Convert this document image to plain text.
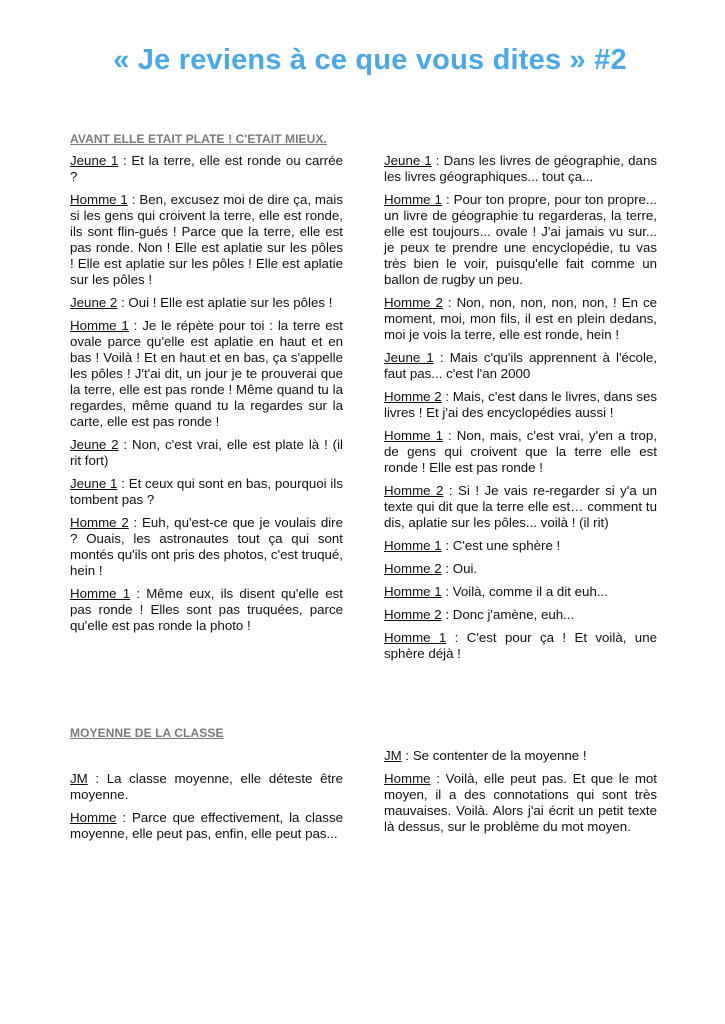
« Je reviens à ce que vous dites » #2
AVANT ELLE ETAIT PLATE ! C'ETAIT MIEUX.

Jeune 1 : Et la terre, elle est ronde ou carrée ?

Homme 1 : Ben, excusez moi de dire ça, mais si les gens qui croivent la terre, elle est ronde, ils sont flin-gués ! Parce que la terre, elle est pas ronde. Non ! Elle est aplatie sur les pôles ! Elle est aplatie sur les pôles ! Elle est aplatie sur les pôles !

Jeune 2 : Oui ! Elle est aplatie sur les pôles !

Homme 1 : Je le répète pour toi : la terre est ovale parce qu'elle est aplatie en haut et en bas ! Voilà ! Et en haut et en bas, ça s'appelle les pôles ! J't'ai dit, un jour je te prouverai que la terre, elle est pas ronde ! Même quand tu la regardes, même quand tu la regardes sur la carte, elle est pas ronde !

Jeune 2 : Non, c'est vrai, elle est plate là ! (il rit fort)

Jeune 1 : Et ceux qui sont en bas, pourquoi ils tombent pas ?

Homme 2 : Euh, qu'est-ce que je voulais dire ? Ouais, les astronautes tout ça qui sont montés qu'ils ont pris des photos, c'est truqué, hein !

Homme 1 : Même eux, ils disent qu'elle est pas ronde ! Elles sont pas truquées, parce qu'elle est pas ronde la photo !

Jeune 1 : Dans les livres de géographie, dans les livres géographiques... tout ça...

Homme 1 : Pour ton propre, pour ton propre... un livre de géographie tu regarderas, la terre, elle est toujours... ovale ! J'ai jamais vu sur... je peux te prendre une encyclopédie, tu vas très bien le voir, puisqu'elle fait comme un ballon de rugby un peu.

Homme 2 : Non, non, non, non, non, ! En ce moment, moi, mon fils, il est en plein dedans, moi je vois la terre, elle est ronde, hein !

Jeune 1 : Mais c'qu'ils apprennent à l'école, faut pas... c'est l'an 2000

Homme 2 : Mais, c'est dans le livres, dans ses livres ! Et j'ai des encyclopédies aussi !

Homme 1 : Non, mais, c'est vrai, y'en a trop, de gens qui croivent que la terre elle est ronde ! Elle est pas ronde !

Homme 2 : Si ! Je vais re-regarder si y'a un texte qui dit que la terre elle est… comment tu dis, aplatie sur les pôles... voilà ! (il rit)

Homme 1 : C'est une sphère !

Homme 2 : Oui.

Homme 1 : Voilà, comme il a dit euh...

Homme 2 : Donc j'amène, euh...

Homme 1 : C'est pour ça ! Et voilà, une sphère déjà !

MOYENNE DE LA CLASSE

JM : La classe moyenne, elle déteste être moyenne.

Homme : Parce que effectivement, la classe moyenne, elle peut pas, enfin, elle peut pas...

JM : Se contenter de la moyenne !

Homme : Voilà, elle peut pas. Et que le mot moyen, il a des connotations qui sont très mauvaises. Voilà. Alors j'ai écrit un petit texte là dessus, sur le problème du mot moyen.
